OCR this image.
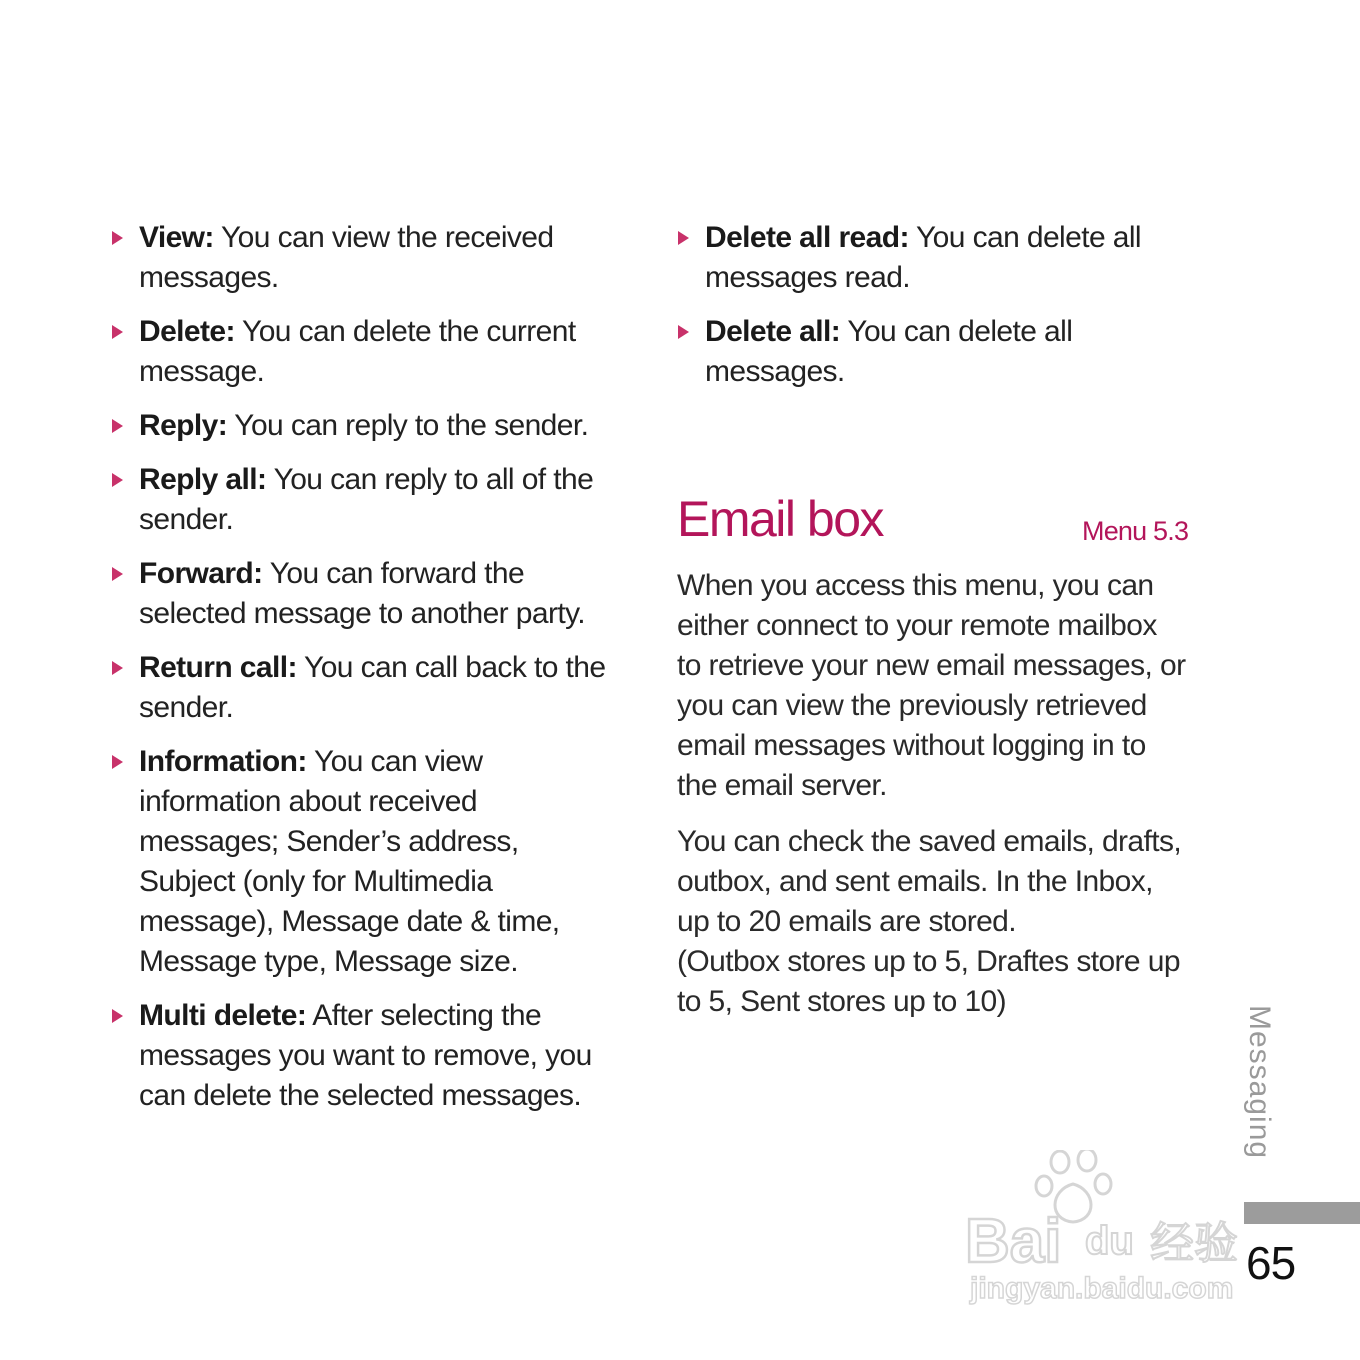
View: You can view the received messages.
Delete: You can delete the current message.
Reply: You can reply to the sender.
Reply all: You can reply to all of the sender.
Forward: You can forward the selected message to another party.
Return call: You can call back to the sender.
Information: You can view information about received messages; Sender’s address, Subject (only for Multimedia message), Message date & time, Message type, Message size.
Multi delete: After selecting the messages you want to remove, you can delete the selected messages.
Delete all read: You can delete all messages read.
Delete all: You can delete all messages.
Email box	Menu 5.3

When you access this menu, you can either connect to your remote mailbox to retrieve your new email messages, or you can view the previously retrieved email messages without logging in to the email server.

You can check the saved emails, drafts, outbox, and sent emails. In the Inbox, up to 20 emails are stored.
(Outbox stores up to 5, Draftes store up to 5, Sent stores up to 10)
Messaging
65
Bai du 经验
jingyan.baidu.com
